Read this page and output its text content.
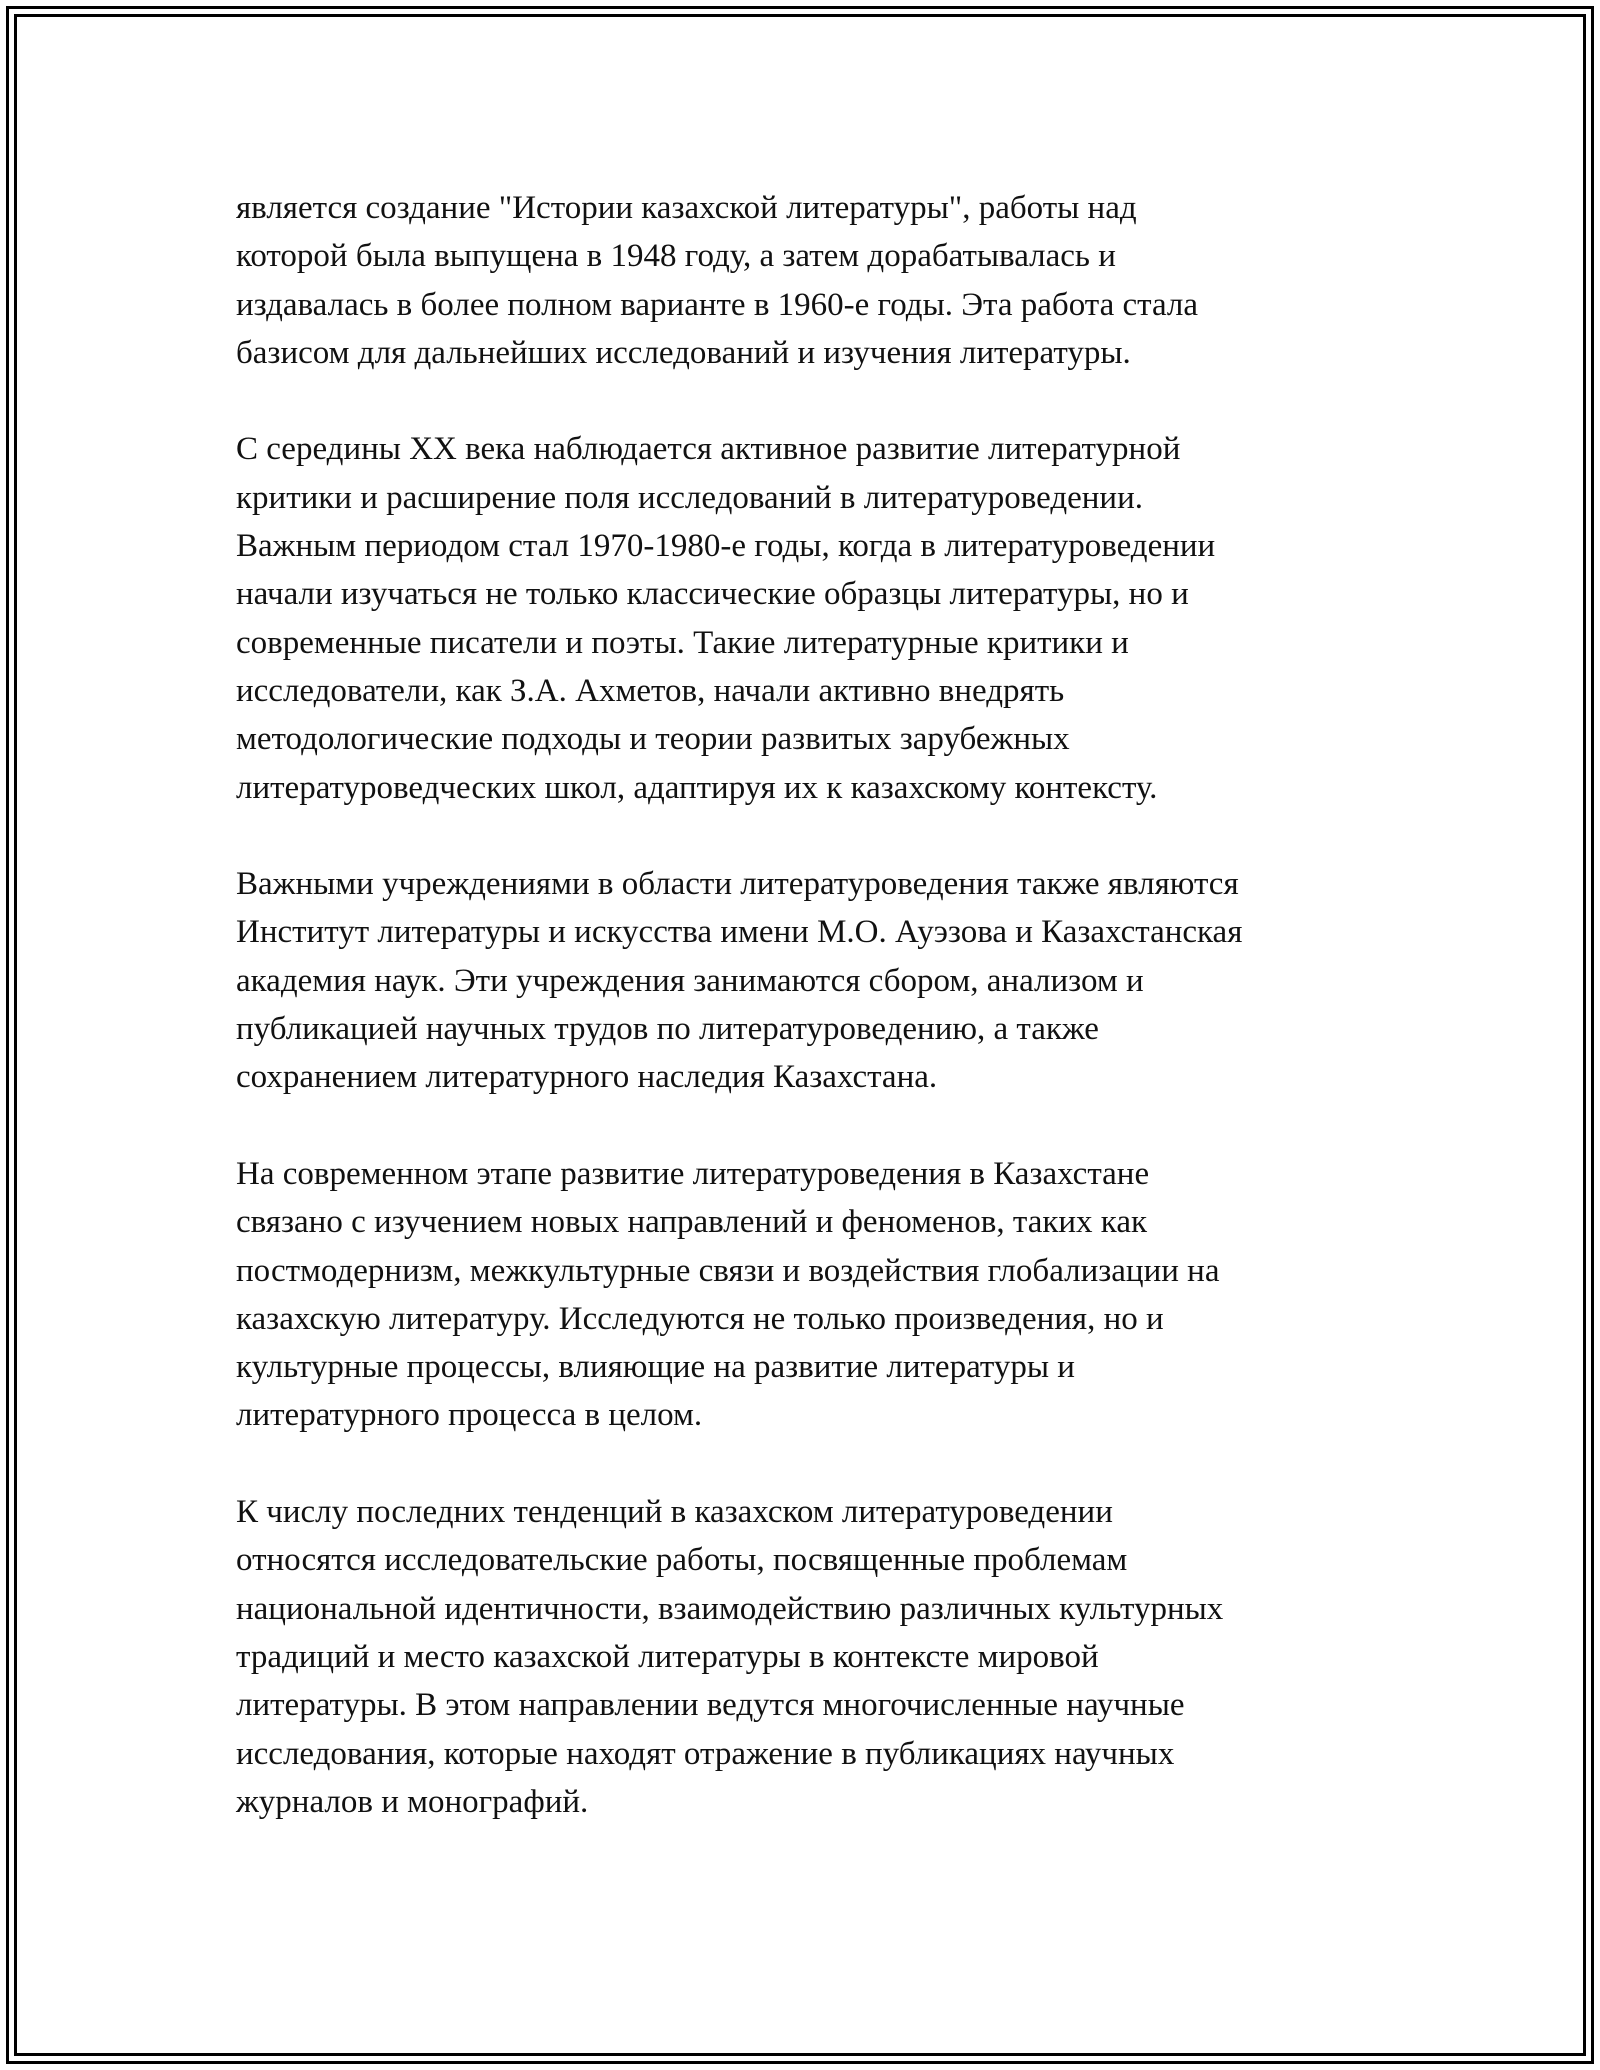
является создание "Истории казахской литературы", работы над
которой была выпущена в 1948 году, а затем дорабатывалась и
издавалась в более полном варианте в 1960-е годы. Эта работа стала
базисом для дальнейших исследований и изучения литературы.

С середины XX века наблюдается активное развитие литературной
критики и расширение поля исследований в литературоведении.
Важным периодом стал 1970-1980-е годы, когда в литературоведении
начали изучаться не только классические образцы литературы, но и
современные писатели и поэты. Такие литературные критики и
исследователи, как З.А. Ахметов, начали активно внедрять
методологические подходы и теории развитых зарубежных
литературоведческих школ, адаптируя их к казахскому контексту.

Важными учреждениями в области литературоведения также являются
Институт литературы и искусства имени М.О. Ауэзова и Казахстанская
академия наук. Эти учреждения занимаются сбором, анализом и
публикацией научных трудов по литературоведению, а также
сохранением литературного наследия Казахстана.

На современном этапе развитие литературоведения в Казахстане
связано с изучением новых направлений и феноменов, таких как
постмодернизм, межкультурные связи и воздействия глобализации на
казахскую литературу. Исследуются не только произведения, но и
культурные процессы, влияющие на развитие литературы и
литературного процесса в целом.

К числу последних тенденций в казахском литературоведении
относятся исследовательские работы, посвященные проблемам
национальной идентичности, взаимодействию различных культурных
традиций и место казахской литературы в контексте мировой
литературы. В этом направлении ведутся многочисленные научные
исследования, которые находят отражение в публикациях научных
журналов и монографий.
